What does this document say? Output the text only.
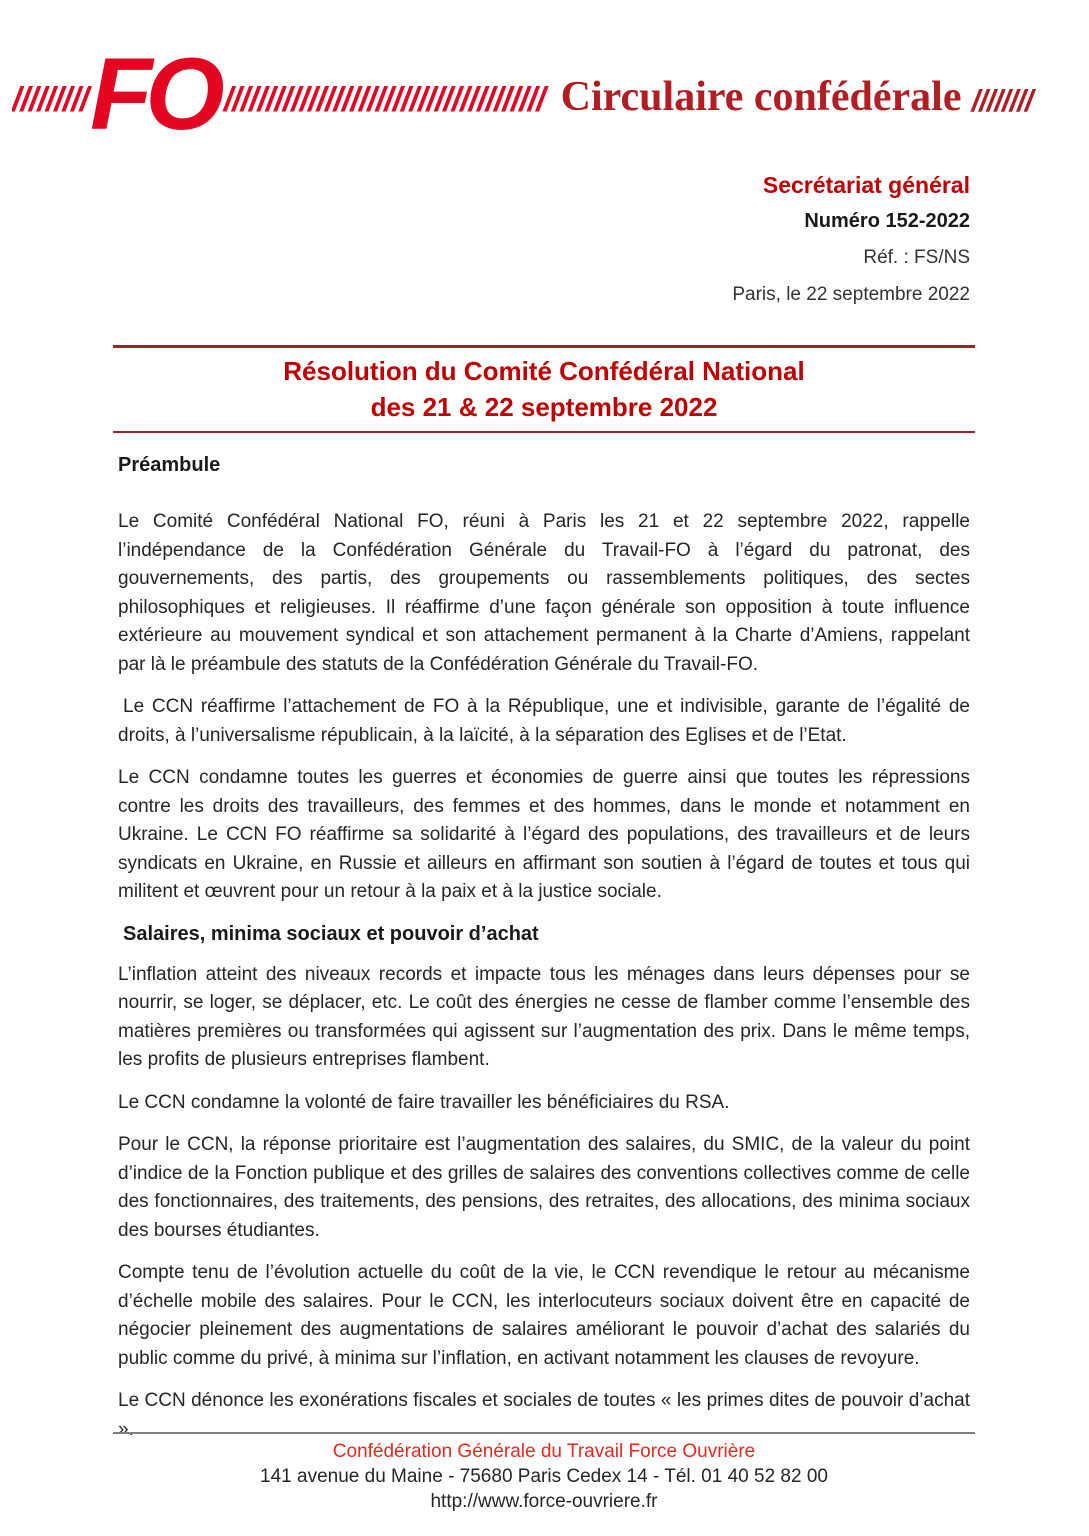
///////// FO ////////////////////////////////////// Circulaire confédérale ////////
Secrétariat général
Numéro 152-2022
Réf. : FS/NS
Paris, le 22 septembre 2022
Résolution du Comité Confédéral National
des 21 & 22 septembre 2022
Préambule

Le Comité Confédéral National FO, réuni à Paris les 21 et 22 septembre 2022, rappelle l’indépendance de la Confédération Générale du Travail-FO à l’égard du patronat, des gouvernements, des partis, des groupements ou rassemblements politiques, des sectes philosophiques et religieuses. Il réaffirme d’une façon générale son opposition à toute influence extérieure au mouvement syndical et son attachement permanent à la Charte d’Amiens, rappelant par là le préambule des statuts de la Confédération Générale du Travail-FO.

Le CCN réaffirme l’attachement de FO à la République, une et indivisible, garante de l’égalité de droits, à l’universalisme républicain, à la laïcité, à la séparation des Eglises et de l’Etat.

Le CCN condamne toutes les guerres et économies de guerre ainsi que toutes les répressions contre les droits des travailleurs, des femmes et des hommes, dans le monde et notamment en Ukraine. Le CCN FO réaffirme sa solidarité à l’égard des populations, des travailleurs et de leurs syndicats en Ukraine, en Russie et ailleurs en affirmant son soutien à l’égard de toutes et tous qui militent et œuvrent pour un retour à la paix et à la justice sociale.

Salaires, minima sociaux et pouvoir d’achat

L’inflation atteint des niveaux records et impacte tous les ménages dans leurs dépenses pour se nourrir, se loger, se déplacer, etc. Le coût des énergies ne cesse de flamber comme l’ensemble des matières premières ou transformées qui agissent sur l’augmentation des prix. Dans le même temps, les profits de plusieurs entreprises flambent.

Le CCN condamne la volonté de faire travailler les bénéficiaires du RSA.

Pour le CCN, la réponse prioritaire est l’augmentation des salaires, du SMIC, de la valeur du point d’indice de la Fonction publique et des grilles de salaires des conventions collectives comme de celle des fonctionnaires, des traitements, des pensions, des retraites, des allocations, des minima sociaux des bourses étudiantes.

Compte tenu de l’évolution actuelle du coût de la vie, le CCN revendique le retour au mécanisme d’échelle mobile des salaires. Pour le CCN, les interlocuteurs sociaux doivent être en capacité de négocier pleinement des augmentations de salaires améliorant le pouvoir d’achat des salariés du public comme du privé, à minima sur l’inflation, en activant notamment les clauses de revoyure.

Le CCN dénonce les exonérations fiscales et sociales de toutes « les primes dites de pouvoir d’achat ».

Confédération Générale du Travail Force Ouvrière
141 avenue du Maine - 75680 Paris Cedex 14 - Tél. 01 40 52 82 00
http://www.force-ouvriere.fr
